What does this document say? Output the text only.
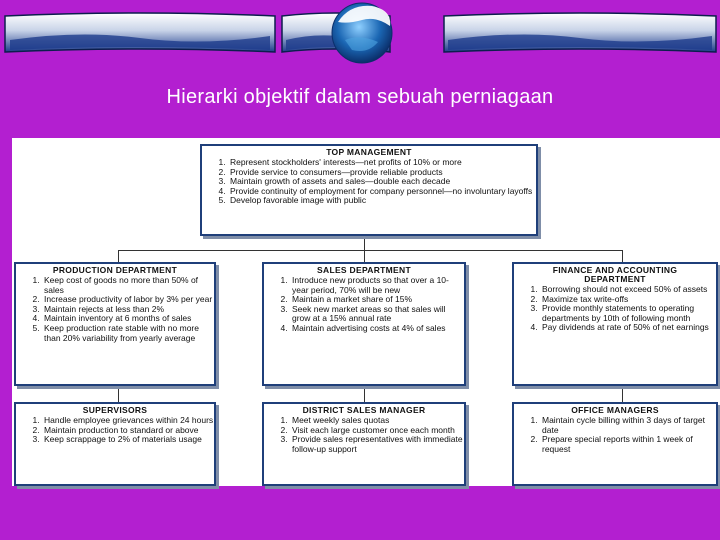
Hierarki objektif dalam sebuah perniagaan
TOP MANAGEMENT
1. Represent stockholders' interests—net profits of 10% or more
2. Provide service to consumers—provide reliable products
3. Maintain growth of assets and sales—double each decade
4. Provide continuity of employment for company personnel—no involuntary layoffs
5. Develop favorable image with public
PRODUCTION DEPARTMENT
1. Keep cost of goods no more than 50% of sales
2. Increase productivity of labor by 3% per year
3. Maintain rejects at less than 2%
4. Maintain inventory at 6 months of sales
5. Keep production rate stable with no more than 20% variability from yearly average
SALES DEPARTMENT
1. Introduce new products so that over a 10-year period, 70% will be new
2. Maintain a market share of 15%
3. Seek new market areas so that sales will grow at a 15% annual rate
4. Maintain advertising costs at 4% of sales
FINANCE AND ACCOUNTING DEPARTMENT
1. Borrowing should not exceed 50% of assets
2. Maximize tax write-offs
3. Provide monthly statements to operating departments by 10th of following month
4. Pay dividends at rate of 50% of net earnings
SUPERVISORS
1. Handle employee grievances within 24 hours
2. Maintain production to standard or above
3. Keep scrappage to 2% of materials usage
DISTRICT SALES MANAGER
1. Meet weekly sales quotas
2. Visit each large customer once each month
3. Provide sales representatives with immediate follow-up support
OFFICE MANAGERS
1. Maintain cycle billing within 3 days of target date
2. Prepare special reports within 1 week of request
